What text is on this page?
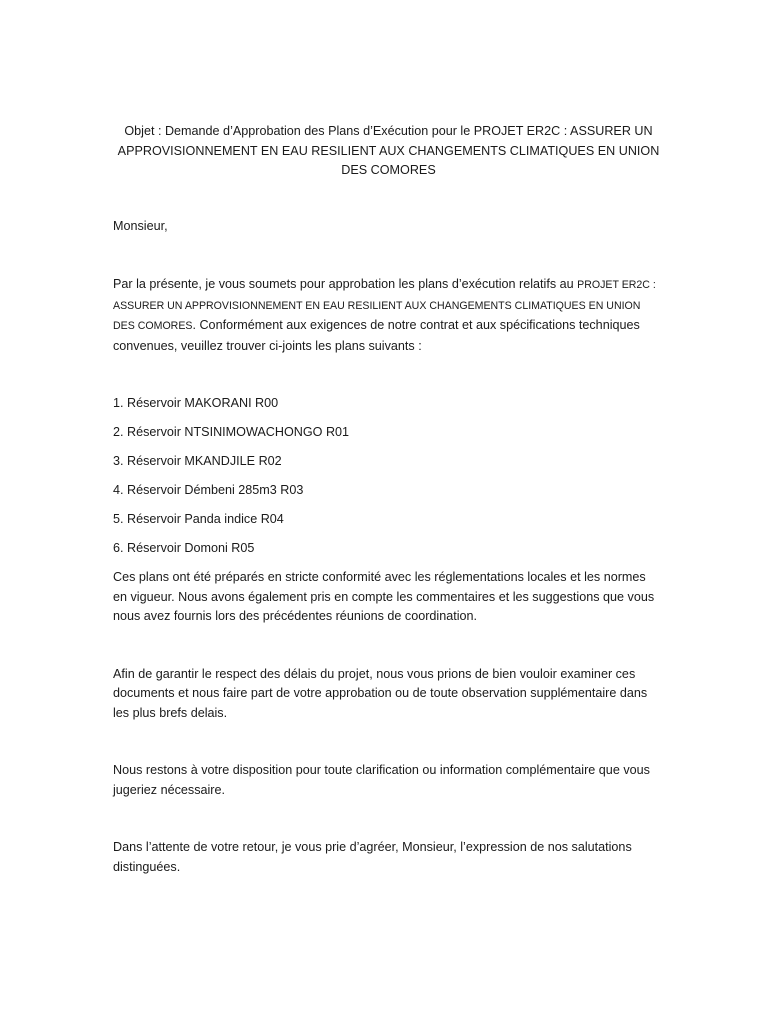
Objet : Demande d’Approbation des Plans d’Exécution pour le PROJET ER2C : ASSURER UN APPROVISIONNEMENT EN EAU RESILIENT AUX CHANGEMENTS CLIMATIQUES EN UNION DES COMORES

Monsieur,

Par la présente, je vous soumets pour approbation les plans d’exécution relatifs au PROJET ER2C : ASSURER UN APPROVISIONNEMENT EN EAU RESILIENT AUX CHANGEMENTS CLIMATIQUES EN UNION DES COMORES. Conformément aux exigences de notre contrat et aux spécifications techniques convenues, veuillez trouver ci-joints les plans suivants :

1. Réservoir MAKORANI R00
2. Réservoir NTSINIMOWACHONGO R01
3. Réservoir MKANDJILE R02
4. Réservoir Démbeni 285m3 R03
5. Réservoir Panda indice R04
6. Réservoir Domoni R05

Ces plans ont été préparés en stricte conformité avec les réglementations locales et les normes en vigueur. Nous avons également pris en compte les commentaires et les suggestions que vous nous avez fournis lors des précédentes réunions de coordination.

Afin de garantir le respect des délais du projet, nous vous prions de bien vouloir examiner ces documents et nous faire part de votre approbation ou de toute observation supplémentaire dans les plus brefs delais.

Nous restons à votre disposition pour toute clarification ou information complémentaire que vous jugeriez nécessaire.

Dans l’attente de votre retour, je vous prie d’agréer, Monsieur, l’expression de nos salutations distinguées.
